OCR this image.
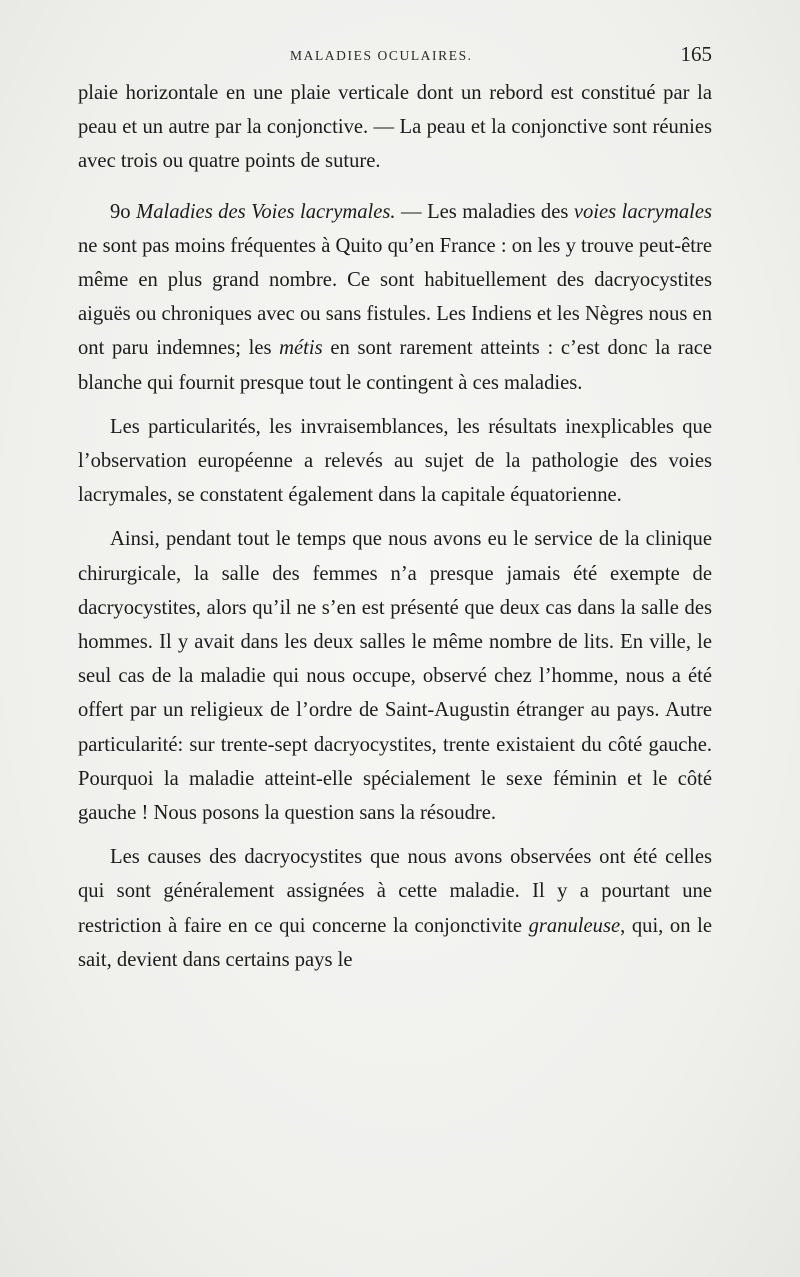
MALADIES OCULAIRES.	165

plaie horizontale en une plaie verticale dont un rebord est constitué par la peau et un autre par la conjonctive. — La peau et la conjonctive sont réunies avec trois ou quatre points de suture.

9o Maladies des Voies lacrymales. — Les maladies des voies lacrymales ne sont pas moins fréquentes à Quito qu’en France : on les y trouve peut-être même en plus grand nombre. Ce sont habituellement des dacryocystites aiguës ou chroniques avec ou sans fistules. Les Indiens et les Nègres nous en ont paru indemnes; les métis en sont rarement atteints : c’est donc la race blanche qui fournit presque tout le contingent à ces maladies.

Les particularités, les invraisemblances, les résultats inexplicables que l’observation européenne a relevés au sujet de la pathologie des voies lacrymales, se constatent également dans la capitale équatorienne.

Ainsi, pendant tout le temps que nous avons eu le service de la clinique chirurgicale, la salle des femmes n’a presque jamais été exempte de dacryocystites, alors qu’il ne s’en est présenté que deux cas dans la salle des hommes. Il y avait dans les deux salles le même nombre de lits. En ville, le seul cas de la maladie qui nous occupe, observé chez l’homme, nous a été offert par un religieux de l’ordre de Saint-Augustin étranger au pays. Autre particularité: sur trente-sept dacryocystites, trente existaient du côté gauche. Pourquoi la maladie atteint-elle spécialement le sexe féminin et le côté gauche ! Nous posons la question sans la résoudre.

Les causes des dacryocystites que nous avons observées ont été celles qui sont généralement assignées à cette maladie. Il y a pourtant une restriction à faire en ce qui concerne la conjonctivite granuleuse, qui, on le sait, devient dans certains pays le
